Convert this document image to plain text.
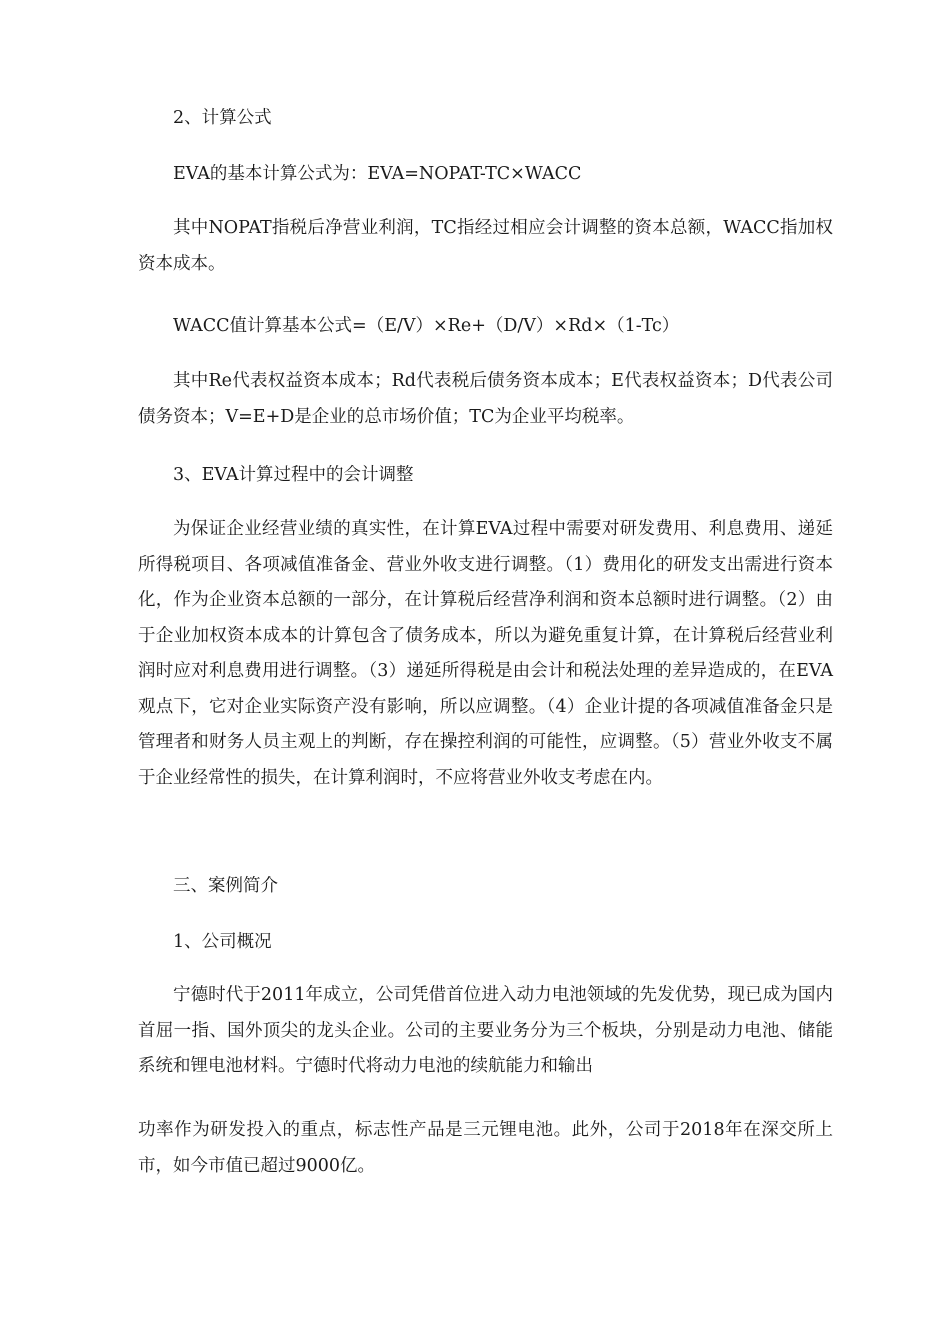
2、计算公式

EVA的基本计算公式为：EVA=NOPAT-TC×WACC

其中NOPAT指税后净营业利润，TC指经过相应会计调整的资本总额，WACC指加权资本成本。

WACC值计算基本公式=（E/V）×Re+（D/V）×Rd×（1-Tc）

其中Re代表权益资本成本；Rd代表税后债务资本成本；E代表权益资本；D代表公司债务资本；V=E+D是企业的总市场价值；TC为企业平均税率。

3、EVA计算过程中的会计调整

为保证企业经营业绩的真实性，在计算EVA过程中需要对研发费用、利息费用、递延所得税项目、各项减值准备金、营业外收支进行调整。（1）费用化的研发支出需进行资本化，作为企业资本总额的一部分，在计算税后经营净利润和资本总额时进行调整。（2）由于企业加权资本成本的计算包含了债务成本，所以为避免重复计算，在计算税后经营业利润时应对利息费用进行调整。（3）递延所得税是由会计和税法处理的差异造成的，在EVA观点下，它对企业实际资产没有影响，所以应调整。（4）企业计提的各项减值准备金只是管理者和财务人员主观上的判断，存在操控利润的可能性，应调整。（5）营业外收支不属于企业经常性的损失，在计算利润时，不应将营业外收支考虑在内。

三、案例简介

1、公司概况

宁德时代于2011年成立，公司凭借首位进入动力电池领域的先发优势，现已成为国内首屈一指、国外顶尖的龙头企业。公司的主要业务分为三个板块，分别是动力电池、储能系统和锂电池材料。宁德时代将动力电池的续航能力和输出

功率作为研发投入的重点，标志性产品是三元锂电池。此外，公司于2018年在深交所上市，如今市值已超过9000亿。
